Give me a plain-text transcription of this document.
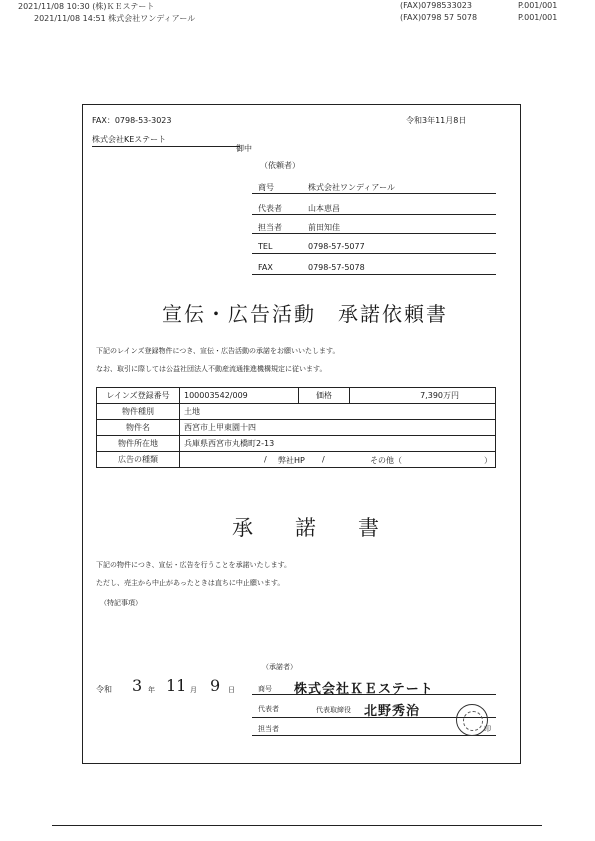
2021/11/08 10:30 (株)ＫＥステート	(FAX)0798533023	P.001/001
2021/11/08 14:51 株式会社ワンディアール	(FAX)0798 57 5078	P.001/001
FAX：0798-53-3023	令和3年11月8日
株式会社KEステート
御中
（依頼者）
商号	株式会社ワンディアール
代表者	山本恵昌
担当者	前田知佳
TEL	0798-57-5077
FAX	0798-57-5078
宣伝・広告活動　承諾依頼書
下記のレインズ登録物件につき、宣伝・広告活動の承諾をお願いいたします。
なお、取引に際しては公益社団法人不動産流通推進機構規定に従います。
レインズ登録番号	100003542/009	価格	7,390万円
物件種別	土地		
物件名	西宮市上甲東園十四		
物件所在地	兵庫県西宮市丸橋町2-13		
広告の種類	/ 弊社HP / その他（ ）		
承　　諾　　書
下記の物件につき、宣伝・広告を行うことを承諾いたします。
ただし、売主から中止があったときは直ちに中止願います。
（特記事項）
（承諾者）
令和 3 年 11 月 9 日	商号 株式会社ＫＥステート
代表者	代表取締役 北野秀治
担当者	印
